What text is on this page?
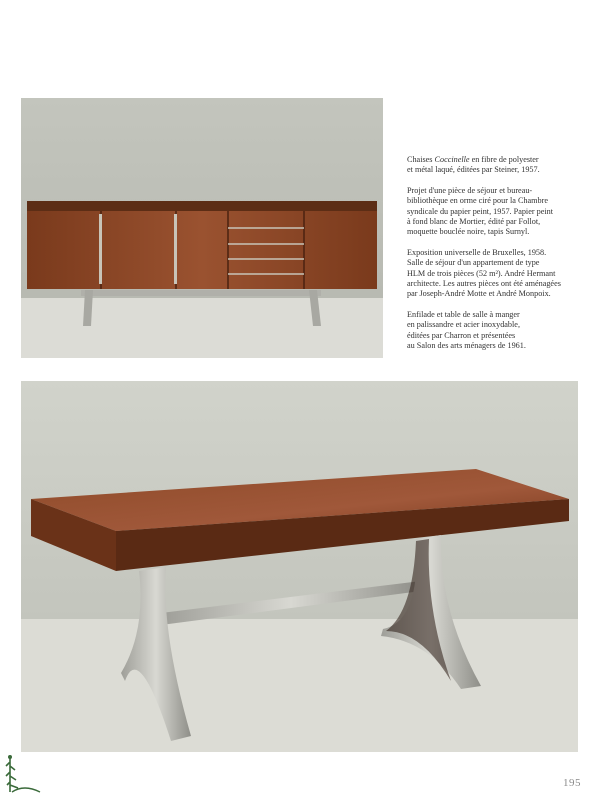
Chaises Coccinelle en fibre de polyester
et métal laqué, éditées par Steiner, 1957.

Projet d'une pièce de séjour et bureau-
bibliothèque en orme ciré pour la Chambre
syndicale du papier peint, 1957. Papier peint
à fond blanc de Mortier, édité par Follot,
moquette bouclée noire, tapis Surnyl.

Exposition universelle de Bruxelles, 1958.
Salle de séjour d'un appartement de type
HLM de trois pièces (52 m²). André Hermant
architecte. Les autres pièces ont été aménagées
par Joseph-André Motte et André Monpoix.

Enfilade et table de salle à manger
en palissandre et acier inoxydable,
éditées par Charron et présentées
au Salon des arts ménagers de 1961.

195
